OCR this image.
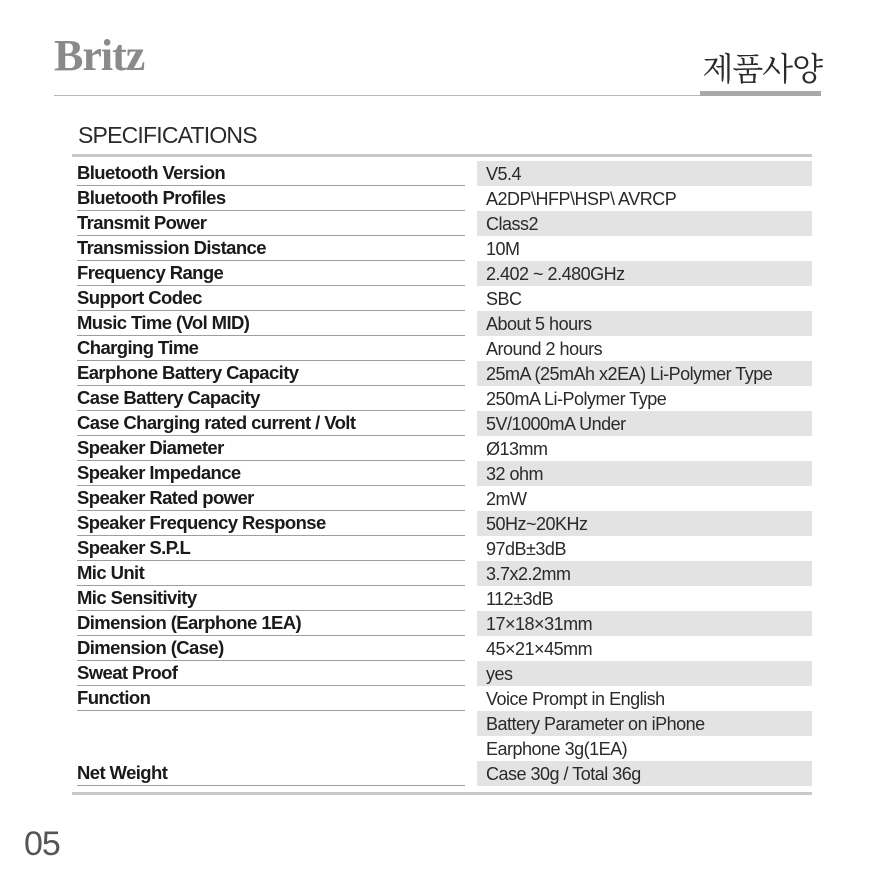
Britz	제품사양
SPECIFICATIONS
Bluetooth Version	V5.4
Bluetooth Profiles	A2DP\HFP\HSP\ AVRCP
Transmit Power	Class2
Transmission Distance	10M
Frequency Range	2.402 ~ 2.480GHz
Support Codec	SBC
Music Time (Vol MID)	About 5 hours
Charging Time	Around 2 hours
Earphone Battery Capacity	25mA (25mAh x2EA) Li-Polymer Type
Case Battery Capacity	250mA Li-Polymer Type
Case Charging rated current / Volt	5V/1000mA Under
Speaker Diameter	Ø13mm
Speaker Impedance	32 ohm
Speaker Rated power	2mW
Speaker Frequency Response	50Hz~20KHz
Speaker S.P.L	97dB±3dB
Mic Unit	3.7x2.2mm
Mic Sensitivity	112±3dB
Dimension (Earphone 1EA)	17×18×31mm
Dimension (Case)	45×21×45mm
Sweat Proof	yes
Function	Voice Prompt in English
Battery Parameter on iPhone
Earphone 3g(1EA)
Net Weight	Case 30g / Total 36g
05
